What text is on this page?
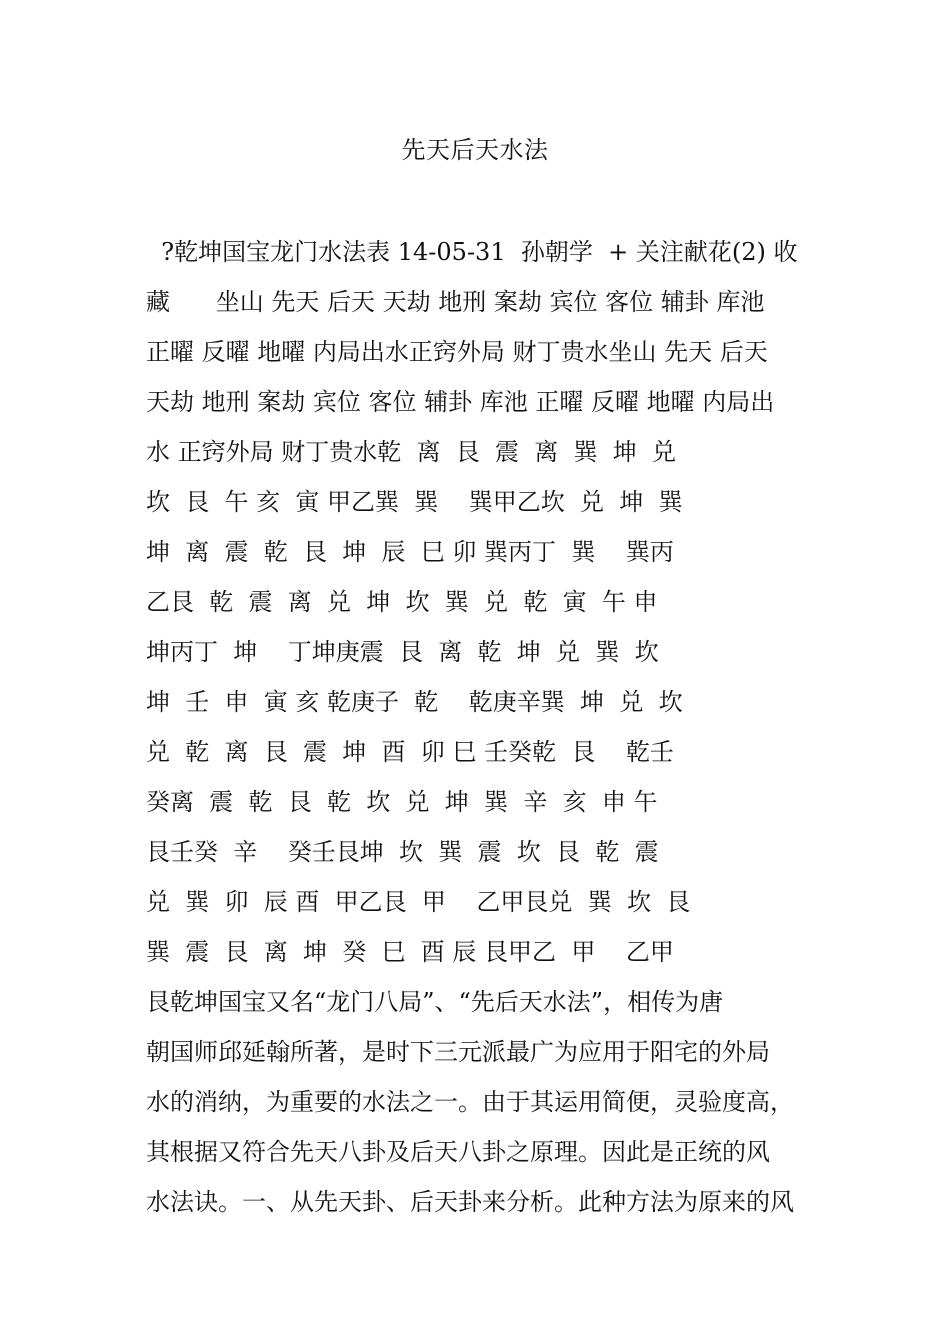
先天后天水法
?乾坤国宝龙门水法表 14-05-31  孙朝学  + 关注献花(2) 收
藏      坐山 先天 后天 天劫 地刑 案劫 宾位 客位 辅卦 库池
正曜 反曜 地曜 内局出水正窍外局 财丁贵水坐山 先天 后天
天劫 地刑 案劫 宾位 客位 辅卦 库池 正曜 反曜 地曜 内局出
水 正窍外局 财丁贵水乾  离  艮  震  离  巽  坤  兑
坎  艮  午 亥  寅 甲乙巽  巽    巽甲乙坎  兑  坤  巽
坤  离  震  乾  艮  坤  辰  巳 卯 巽丙丁  巽    巽丙
乙艮  乾  震  离  兑  坤  坎  巽  兑  乾  寅  午 申
坤丙丁  坤    丁坤庚震  艮  离  乾  坤  兑  巽  坎
坤  壬  申  寅 亥 乾庚子  乾    乾庚辛巽  坤  兑  坎
兑  乾  离  艮  震  坤  酉  卯 巳 壬癸乾  艮    乾壬
癸离  震  乾  艮  乾  坎  兑  坤  巽  辛  亥  申 午
艮壬癸  辛    癸壬艮坤  坎  巽  震  坎  艮  乾  震
兑  巽  卯  辰 酉  甲乙艮  甲    乙甲艮兑  巽  坎  艮
巽  震  艮  离  坤  癸  巳  酉 辰 艮甲乙  甲    乙甲
艮乾坤国宝又名“龙门八局”、“先后天水法”，相传为唐
朝国师邱延翰所著，是时下三元派最广为应用于阳宅的外局
水的消纳，为重要的水法之一。由于其运用简便，灵验度高，
其根据又符合先天八卦及后天八卦之原理。因此是正统的风
水法诀。一、从先天卦、后天卦来分析。此种方法为原来的风
